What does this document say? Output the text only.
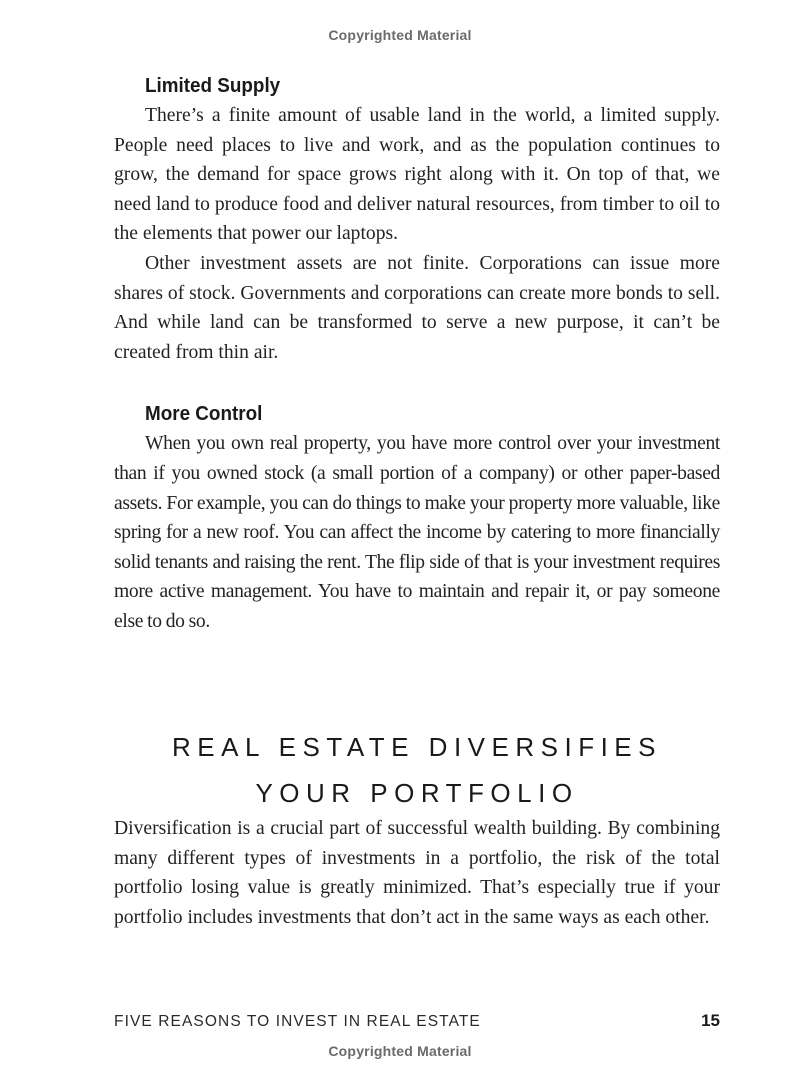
Copyrighted Material
Limited Supply

There’s a finite amount of usable land in the world, a limited supply. People need places to live and work, and as the population continues to grow, the demand for space grows right along with it. On top of that, we need land to produce food and deliver natural resources, from timber to oil to the elements that power our laptops.

Other investment assets are not finite. Corporations can issue more shares of stock. Governments and corporations can create more bonds to sell. And while land can be transformed to serve a new purpose, it can’t be created from thin air.

More Control

When you own real property, you have more control over your investment than if you owned stock (a small portion of a company) or other paper-based assets. For example, you can do things to make your property more valuable, like spring for a new roof. You can affect the income by catering to more financially solid tenants and raising the rent. The flip side of that is your investment requires more active management. You have to maintain and repair it, or pay someone else to do so.

REAL ESTATE DIVERSIFIES
YOUR PORTFOLIO

Diversification is a crucial part of successful wealth building. By combining many different types of investments in a portfolio, the risk of the total portfolio losing value is greatly minimized. That’s especially true if your portfolio includes investments that don’t act in the same ways as each other.

FIVE REASONS TO INVEST IN REAL ESTATE	15
Copyrighted Material
